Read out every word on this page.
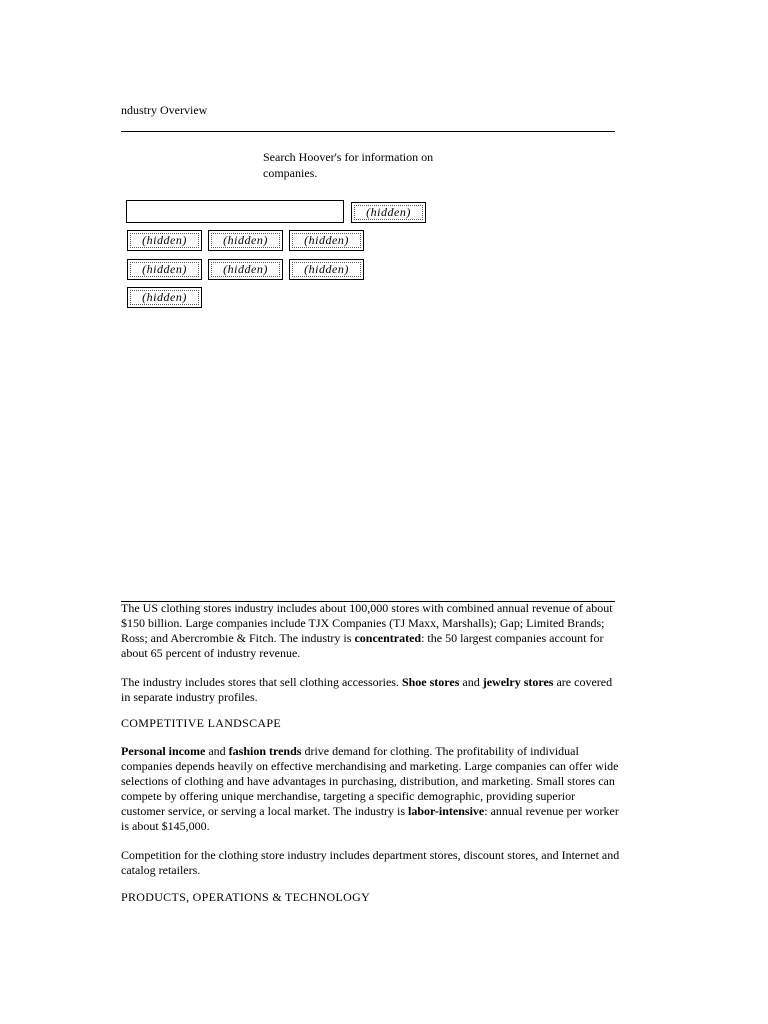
ndustry Overview
Search Hoover's for information on companies.
(hidden)
(hidden)	(hidden)	(hidden)
(hidden)	(hidden)	(hidden)
(hidden)

The US clothing stores industry includes about 100,000 stores with combined annual revenue of about $150 billion. Large companies include TJX Companies (TJ Maxx, Marshalls); Gap; Limited Brands; Ross; and Abercrombie & Fitch. The industry is concentrated: the 50 largest companies account for about 65 percent of industry revenue.

The industry includes stores that sell clothing accessories. Shoe stores and jewelry stores are covered in separate industry profiles.

COMPETITIVE LANDSCAPE

Personal income and fashion trends drive demand for clothing. The profitability of individual companies depends heavily on effective merchandising and marketing. Large companies can offer wide selections of clothing and have advantages in purchasing, distribution, and marketing. Small stores can compete by offering unique merchandise, targeting a specific demographic, providing superior customer service, or serving a local market. The industry is labor-intensive: annual revenue per worker is about $145,000.

Competition for the clothing store industry includes department stores, discount stores, and Internet and catalog retailers.

PRODUCTS, OPERATIONS & TECHNOLOGY
